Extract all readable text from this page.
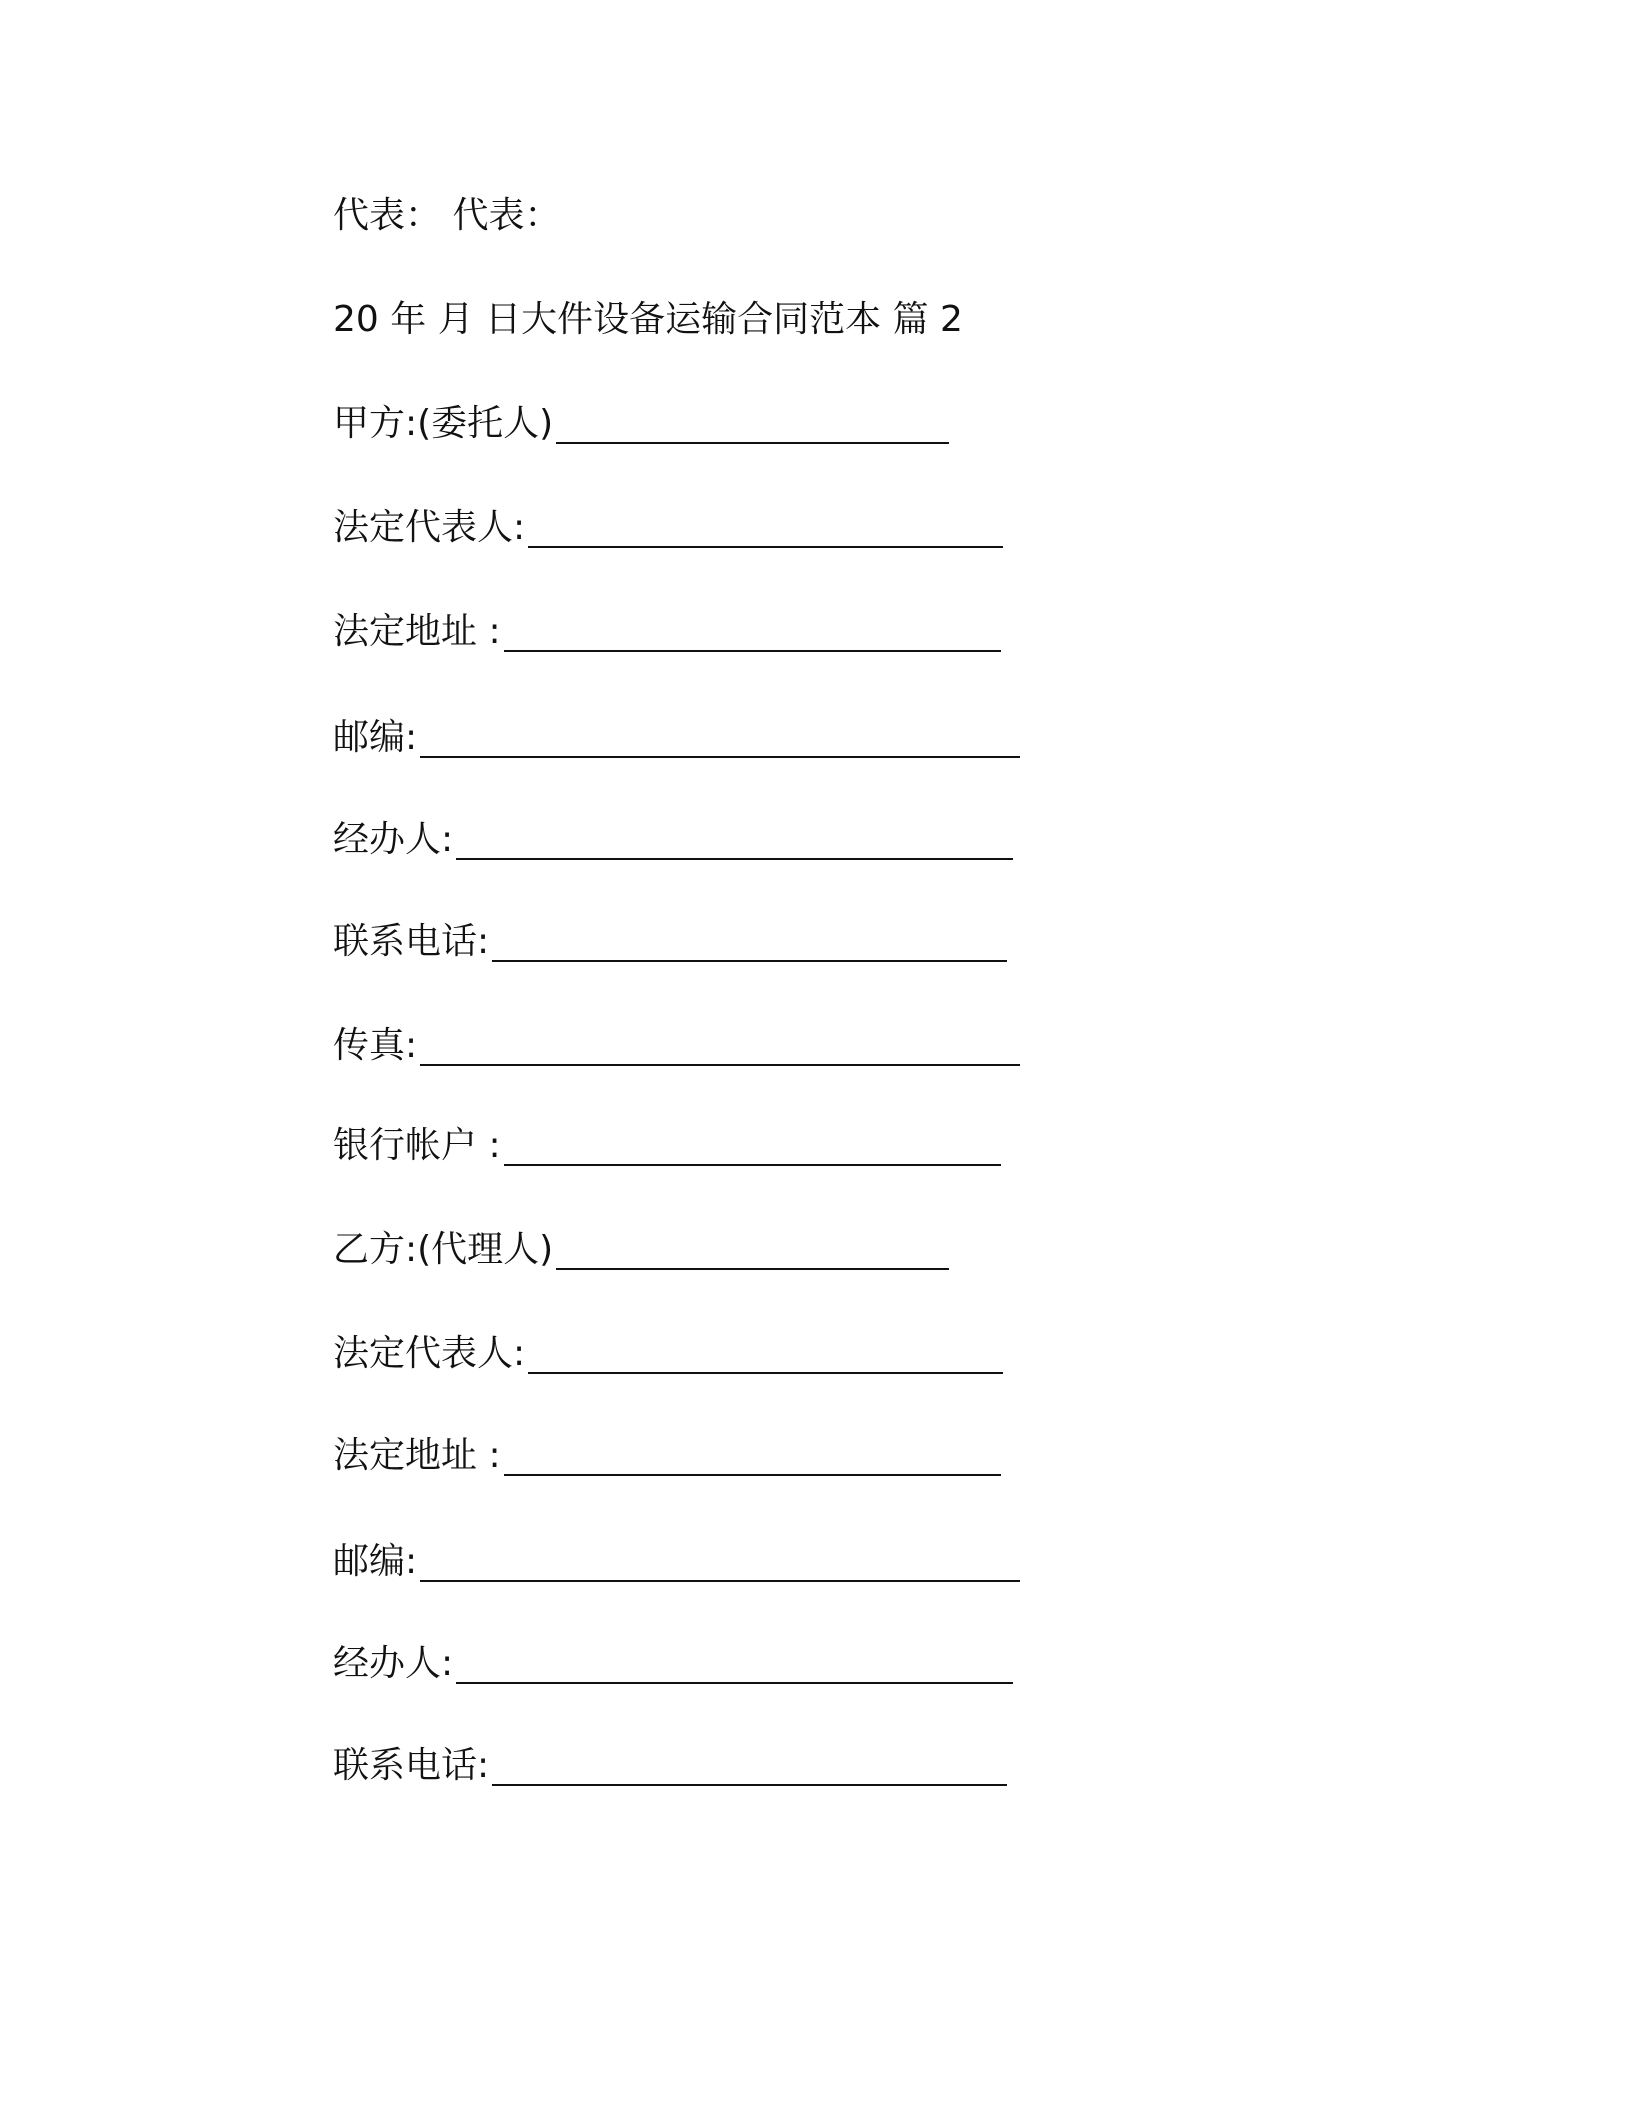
代表： 代表：
20 年 月 日大件设备运输合同范本 篇 2
甲方:(委托人)
法定代表人:
法定地址 :
邮编:
经办人:
联系电话:
传真:
银行帐户 :
乙方:(代理人)
法定代表人:
法定地址 :
邮编:
经办人:
联系电话:
